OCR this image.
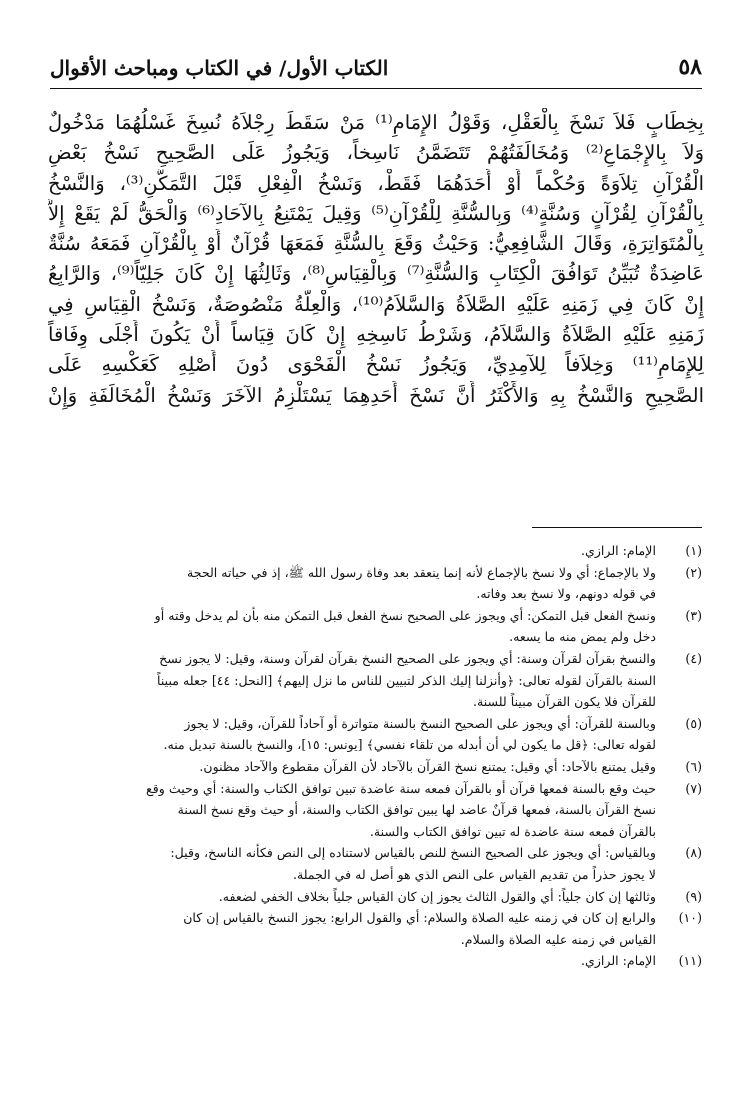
٥٨
الكتاب الأول/ في الكتاب ومباحث الأقوال
بِخِطَابٍ فَلاَ نَسْخَ بِالْعَقْلِ، وَقَوْلُ الإِمَامِ⁽¹⁾ مَنْ سَقَطَ رِجْلاَهُ نُسِخَ غَسْلُهُمَا مَدْخُولٌ
وَلاَ بِالإِجْمَاعِ⁽²⁾ وَمُخَالَفَتُهُمْ تَتَضَمَّنُ نَاسِخاً، وَيَجُوزُ عَلَى الصَّحِيحِ نَسْخُ بَعْضِ
الْقُرْآنِ تِلاَوَةً وَحُكْماً أَوْ أَحَدَهُمَا فَقَطْ، وَنَسْخُ الْفِعْلِ قَبْلَ التَّمَكُّنِ⁽³⁾، وَالنَّسْخُ
بِالْقُرْآنِ لِقُرْآنٍ وَسُنَّةٍ⁽⁴⁾ وَبِالسُّنَّةِ لِلْقُرْآنِ⁽⁵⁾ وَقِيلَ يَمْتَنِعُ بِالآحَادِ⁽⁶⁾ وَالْحَقُّ لَمْ يَقَعْ إِلاَّ
بِالْمُتَوَاتِرَةِ، وَقَالَ الشَّافِعِيُّ: وَحَيْثُ وَقَعَ بِالسُّنَّةِ فَمَعَهَا قُرْآنٌ أَوْ بِالْقُرْآنِ فَمَعَهُ سُنَّةٌ
عَاضِدَةٌ تُبَيِّنُ تَوَافُقَ الْكِتَابِ وَالسُّنَّةِ⁽⁷⁾ وَبِالْقِيَاسِ⁽⁸⁾، وَثَالِثُهَا إِنْ كَانَ جَلِيّاً⁽⁹⁾، وَالرَّابِعُ
إِنْ كَانَ فِي زَمَنِهِ عَلَيْهِ الصَّلاَةُ وَالسَّلاَمُ⁽¹⁰⁾، وَالْعِلَّةُ مَنْصُوصَةٌ، وَنَسْخُ الْقِيَاسِ فِي
زَمَنِهِ عَلَيْهِ الصَّلاَةُ وَالسَّلاَمُ، وَشَرْطُ نَاسِخِهِ إِنْ كَانَ قِيَاساً أَنْ يَكُونَ أَجْلَى وِفَاقاً
لِلإِمَامِ⁽¹¹⁾ وَخِلاَفاً لِلآمِدِيِّ، وَيَجُوزُ نَسْخُ الْفَحْوَى دُونَ أَصْلِهِ كَعَكْسِهِ عَلَى
الصَّحِيحِ وَالنَّسْخُ بِهِ وَالأَكْثَرُ أَنَّ نَسْخَ أَحَدِهِمَا يَسْتَلْزِمُ الآخَرَ وَنَسْخُ الْمُخَالَفَةِ وَإِنْ
(١)

الإمام: الرازي.

(٢)

ولا بالإجماع: أي ولا نسخ بالإجماع لأنه إنما ينعقد بعد وفاة رسول الله ﷺ، إذ في حياته الحجة

في قوله دونهم، ولا نسخ بعد وفاته.

(٣)

ونسخ الفعل قبل التمكن: أي ويجوز على الصحيح نسخ الفعل قبل التمكن منه بأن لم يدخل وقته أو

دخل ولم يمض منه ما يسعه.

(٤)

والنسخ بقرآن لقرآن وسنة: أي ويجوز على الصحيح النسخ بقرآن لقرآن وسنة، وقيل: لا يجوز نسخ

السنة بالقرآن لقوله تعالى: ﴿وأنزلنا إليك الذكر لتبيين للناس ما نزل إليهم﴾ [النحل: ٤٤] جعله مبيناً

للقرآن فلا يكون القرآن مبيناً للسنة.

(٥)

وبالسنة للقرآن: أي ويجوز على الصحيح النسخ بالسنة متواترة أو آحاداً للقرآن، وقيل: لا يجوز

لقوله تعالى: ﴿قل ما يكون لي أن أبدله من تلقاء نفسي﴾ [يونس: ١٥]، والنسخ بالسنة تبديل منه.

(٦)

وقيل يمتنع بالآحاد: أي وقيل: يمتنع نسخ القرآن بالآحاد لأن القرآن مقطوع والآحاد مظنون.

(٧)

حيث وقع بالسنة فمعها قرآن أو بالقرآن فمعه سنة عاضدة تبين توافق الكتاب والسنة: أي وحيث وقع

نسخ القرآن بالسنة، فمعها قرآنٌ عاضد لها يبين توافق الكتاب والسنة، أو حيث وقع نسخ السنة

بالقرآن فمعه سنة عاضدة له تبين توافق الكتاب والسنة.

(٨)

وبالقياس: أي ويجوز على الصحيح النسخ للنص بالقياس لاستناده إلى النص فكأنه الناسخ، وقيل:

لا يجوز حذراً من تقديم القياس على النص الذي هو أصل له في الجملة.

(٩)

وثالثها إن كان جلياً: أي والقول الثالث يجوز إن كان القياس جلياً بخلاف الخفي لضعفه.

(١٠)

والرابع إن كان في زمنه عليه الصلاة والسلام: أي والقول الرابع: يجوز النسخ بالقياس إن كان

القياس في زمنه عليه الصلاة والسلام.

(١١)

الإمام: الرازي.
